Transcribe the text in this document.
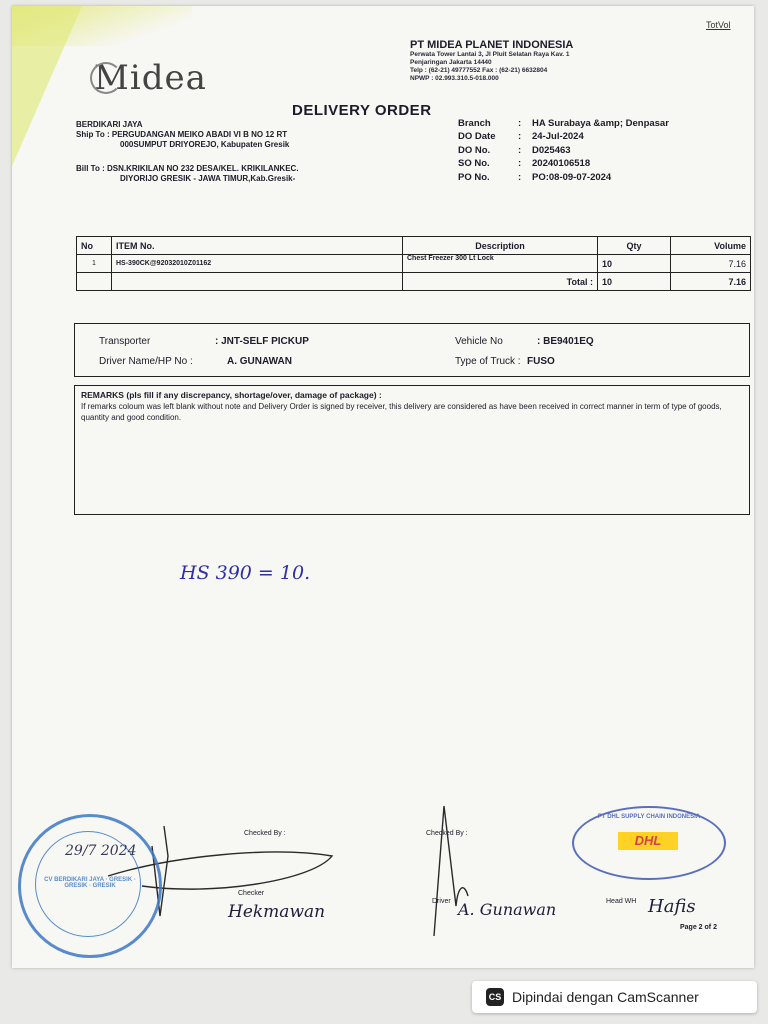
Midea
TotVol
PT MIDEA PLANET INDONESIA
Perwata Tower Lantai 3, Jl Pluit Selatan Raya Kav. 1
Penjaringan Jakarta 14440
Telp : (62-21) 49777552 Fax : (62-21) 6632804
NPWP : 02.993.310.5-018.000
DELIVERY ORDER
BERDIKARI JAYA
Ship To : PERGUDANGAN MEIKO ABADI VI B NO 12 RT
000SUMPUT DRIYOREJO, Kabupaten Gresik
Bill To : DSN.KRIKILAN NO 232 DESA/KEL. KRIKILANKEC.
DIYORIJO GRESIK - JAWA TIMUR,Kab.Gresik-
Branch	: HA Surabaya &amp; Denpasar
DO Date : 24-Jul-2024
DO No.	: D025463
SO No.	: 20240106518
PO No.	: PO:08-09-07-2024
No	ITEM No.	Description	Qty	Volume
1	HS-390CK@92032010Z01162	Chest Freezer 300 Lt Lock	10	7.16
		Total :	10	7.16
Transporter	: JNT-SELF PICKUP	Vehicle No	: BE9401EQ
Driver Name/HP No :	A. GUNAWAN	Type of Truck : FUSO
REMARKS (pls fill if any discrepancy, shortage/over, damage of package) :
If remarks coloum was left blank without note and Delivery Order is signed by receiver, this delivery are considered as have been received in correct manner in term of type of goods, quantity and good condition.
HS 390 = 10.
Checked By :
Checker
Checked By :
Driver	Head WH
Page 2 of 2
Hekmawan	A. Gunawan	Hafis
CV BERDIKARI JAYA · GRESIK · GRESIK · GRESIK
29/7 2024
PT DHL SUPPLY CHAIN INDONESIA
DHL
CS Dipindai dengan CamScanner
